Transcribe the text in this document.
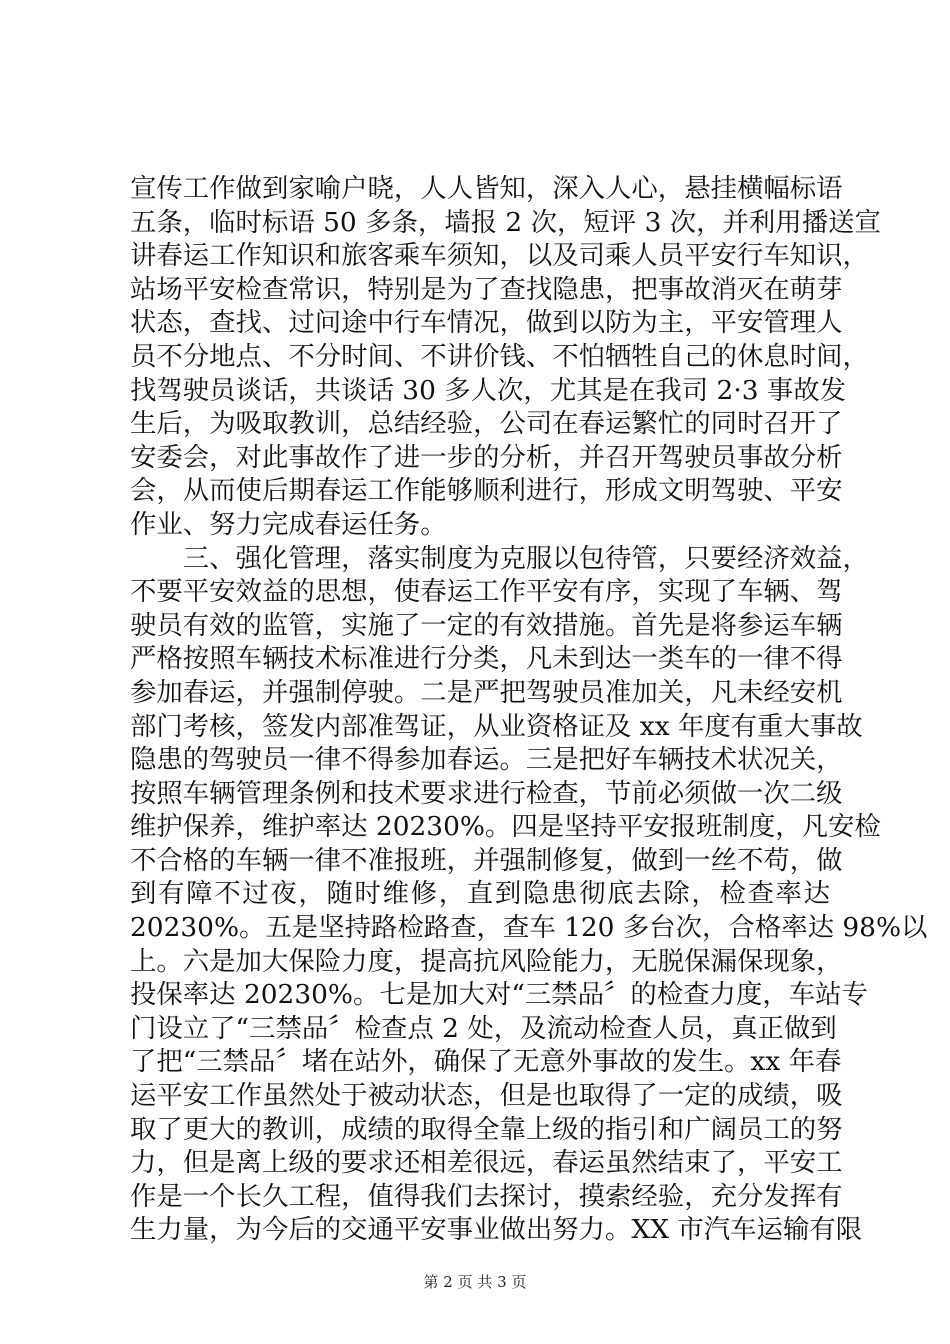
宣传工作做到家喻户晓，人人皆知，深入人心，悬挂横幅标语
五条，临时标语 50 多条，墙报 2 次，短评 3 次，并利用播送宣
讲春运工作知识和旅客乘车须知，以及司乘人员平安行车知识，
站场平安检查常识，特别是为了查找隐患，把事故消灭在萌芽
状态，查找、过问途中行车情况，做到以防为主，平安管理人
员不分地点、不分时间、不讲价钱、不怕牺牲自己的休息时间，
找驾驶员谈话，共谈话 30 多人次，尤其是在我司 2·3 事故发
生后，为吸取教训，总结经验，公司在春运繁忙的同时召开了
安委会，对此事故作了进一步的分析，并召开驾驶员事故分析
会，从而使后期春运工作能够顺利进行，形成文明驾驶、平安
作业、努力完成春运任务。
　　三、强化管理，落实制度为克服以包待管，只要经济效益，
不要平安效益的思想，使春运工作平安有序，实现了车辆、驾
驶员有效的监管，实施了一定的有效措施。首先是将参运车辆
严格按照车辆技术标准进行分类，凡未到达一类车的一律不得
参加春运，并强制停驶。二是严把驾驶员准加关，凡未经安机
部门考核，签发内部准驾证，从业资格证及 xx 年度有重大事故
隐患的驾驶员一律不得参加春运。三是把好车辆技术状况关，
按照车辆管理条例和技术要求进行检查，节前必须做一次二级
维护保养，维护率达 20230%。四是坚持平安报班制度，凡安检
不合格的车辆一律不准报班，并强制修复，做到一丝不苟，做
到有障不过夜，随时维修，直到隐患彻底去除，检查率达
20230%。五是坚持路检路查，查车 120 多台次，合格率达 98%以
上。六是加大保险力度，提高抗风险能力，无脱保漏保现象，
投保率达 20230%。七是加大对“三禁品〞的检查力度，车站专
门设立了“三禁品〞检查点 2 处，及流动检查人员，真正做到
了把“三禁品〞堵在站外，确保了无意外事故的发生。xx 年春
运平安工作虽然处于被动状态，但是也取得了一定的成绩，吸
取了更大的教训，成绩的取得全靠上级的指引和广阔员工的努
力，但是离上级的要求还相差很远，春运虽然结束了，平安工
作是一个长久工程，值得我们去探讨，摸索经验，充分发挥有
生力量，为今后的交通平安事业做出努力。XX 市汽车运输有限
第 2 页 共 3 页
